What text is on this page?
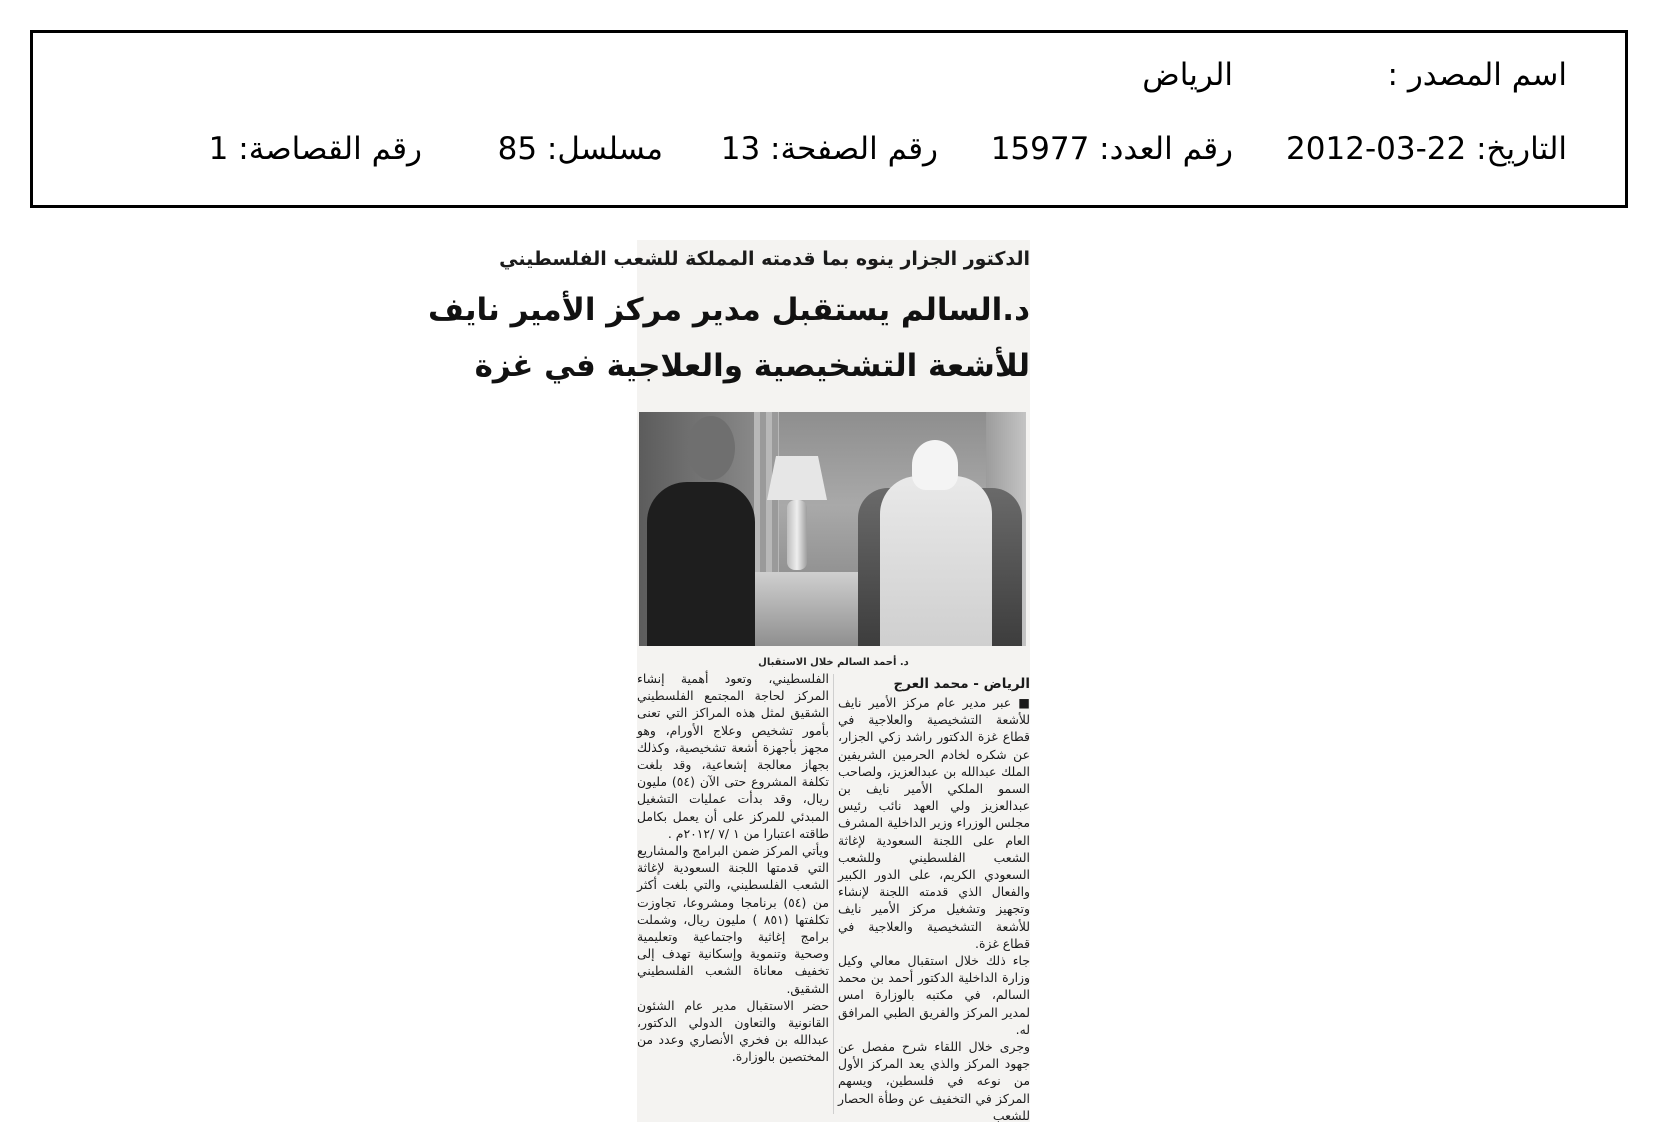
اسم المصدر :
الرياض
التاريخ: 22-03-2012
رقم العدد: 15977
رقم الصفحة: 13
مسلسل: 85
رقم القصاصة: 1
الدكتور الجزار ينوه بما قدمته المملكة للشعب الفلسطيني
د.السالم يستقبل مدير مركز الأمير نايف
للأشعة التشخيصية والعلاجية في غزة
د. أحمد السالم خلال الاستقبال

الرياض - محمد العرج

■ عبر مدير عام مركز الأمير نايف للأشعة التشخيصية والعلاجية في قطاع غزة الدكتور راشد زكي الجزار، عن شكره لخادم الحرمين الشريفين الملك عبدالله بن عبدالعزيز، ولصاحب السمو الملكي الأمير نايف بن عبدالعزيز ولي العهد نائب رئيس مجلس الوزراء وزير الداخلية المشرف العام على اللجنة السعودية لإغاثة الشعب الفلسطيني وللشعب السعودي الكريم، على الدور الكبير والفعال الذي قدمته اللجنة لإنشاء وتجهيز وتشغيل مركز الأمير نايف للأشعة التشخيصية والعلاجية في قطاع غزة.

جاء ذلك خلال استقبال معالي وكيل وزارة الداخلية الدكتور أحمد بن محمد السالم، في مكتبه بالوزارة امس لمدير المركز والفريق الطبي المرافق له.

وجرى خلال اللقاء شرح مفصل عن جهود المركز والذي يعد المركز الأول من نوعه في فلسطين، ويسهم المركز في التخفيف عن وطأة الحصار للشعب

الفلسطيني، وتعود أهمية إنشاء المركز لحاجة المجتمع الفلسطيني الشقيق لمثل هذه المراكز التي تعنى بأمور تشخيص وعلاج الأورام، وهو مجهز بأجهزة أشعة تشخيصية، وكذلك بجهاز معالجة إشعاعية، وقد بلغت تكلفة المشروع حتى الآن (٥٤) مليون ريال، وقد بدأت عمليات التشغيل المبدئي للمركز على أن يعمل بكامل طاقته اعتبارا من ١ /٧ /٢٠١٢م .

ويأتي المركز ضمن البرامج والمشاريع التي قدمتها اللجنة السعودية لإغاثة الشعب الفلسطيني، والتي بلغت أكثر من (٥٤) برنامجا ومشروعا، تجاوزت تكلفتها (٨٥١ ) مليون ريال، وشملت برامج إغاثية واجتماعية وتعليمية وصحية وتنموية وإسكانية تهدف إلى تخفيف معاناة الشعب الفلسطيني الشقيق.

حضر الاستقبال مدير عام الشئون القانونية والتعاون الدولي الدكتور، عبدالله بن فخري الأنصاري وعدد من المختصين بالوزارة.
